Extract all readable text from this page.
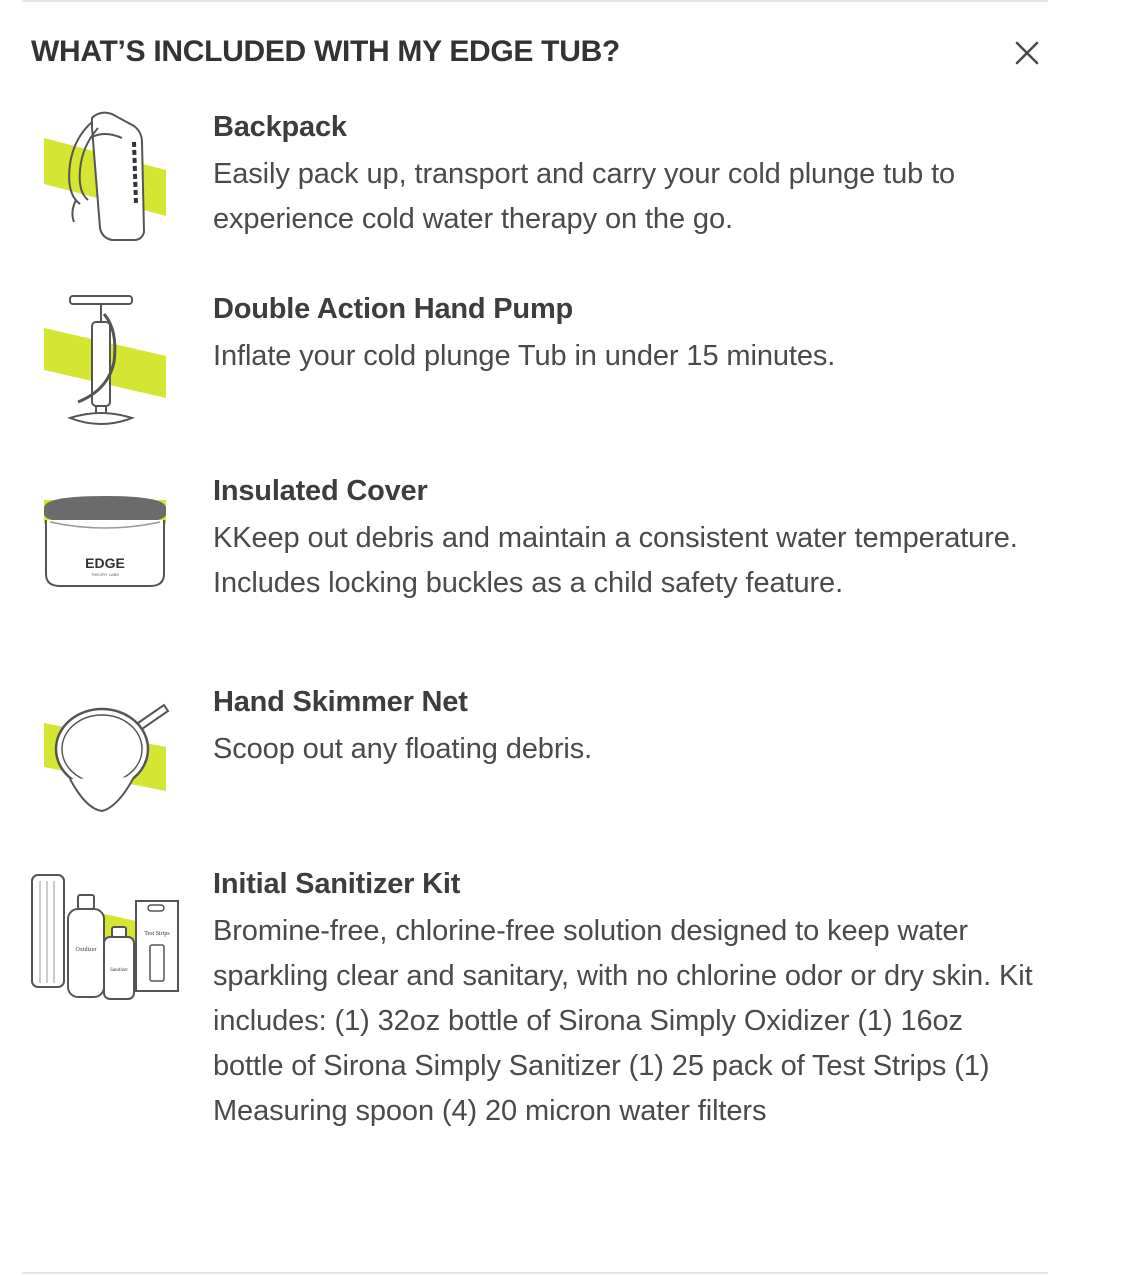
WHAT’S INCLUDED WITH MY EDGE TUB?
Backpack

Easily pack up, transport and carry your cold plunge tub to experience cold water therapy on the go.

Double Action Hand Pump

Inflate your cold plunge Tub in under 15 minutes.

EDGE
THEORY LABS
Insulated Cover

KKeep out debris and maintain a consistent water temperature. Includes locking buckles as a child safety feature.

Hand Skimmer Net

Scoop out any floating debris.

Oxidizer
Test Strips
Sanitizer
Initial Sanitizer Kit

Bromine-free, chlorine-free solution designed to keep water sparkling clear and sanitary, with no chlorine odor or dry skin. Kit includes: (1) 32oz bottle of Sirona Simply Oxidizer (1) 16oz bottle of Sirona Simply Sanitizer (1) 25 pack of Test Strips (1) Measuring spoon (4) 20 micron water filters
